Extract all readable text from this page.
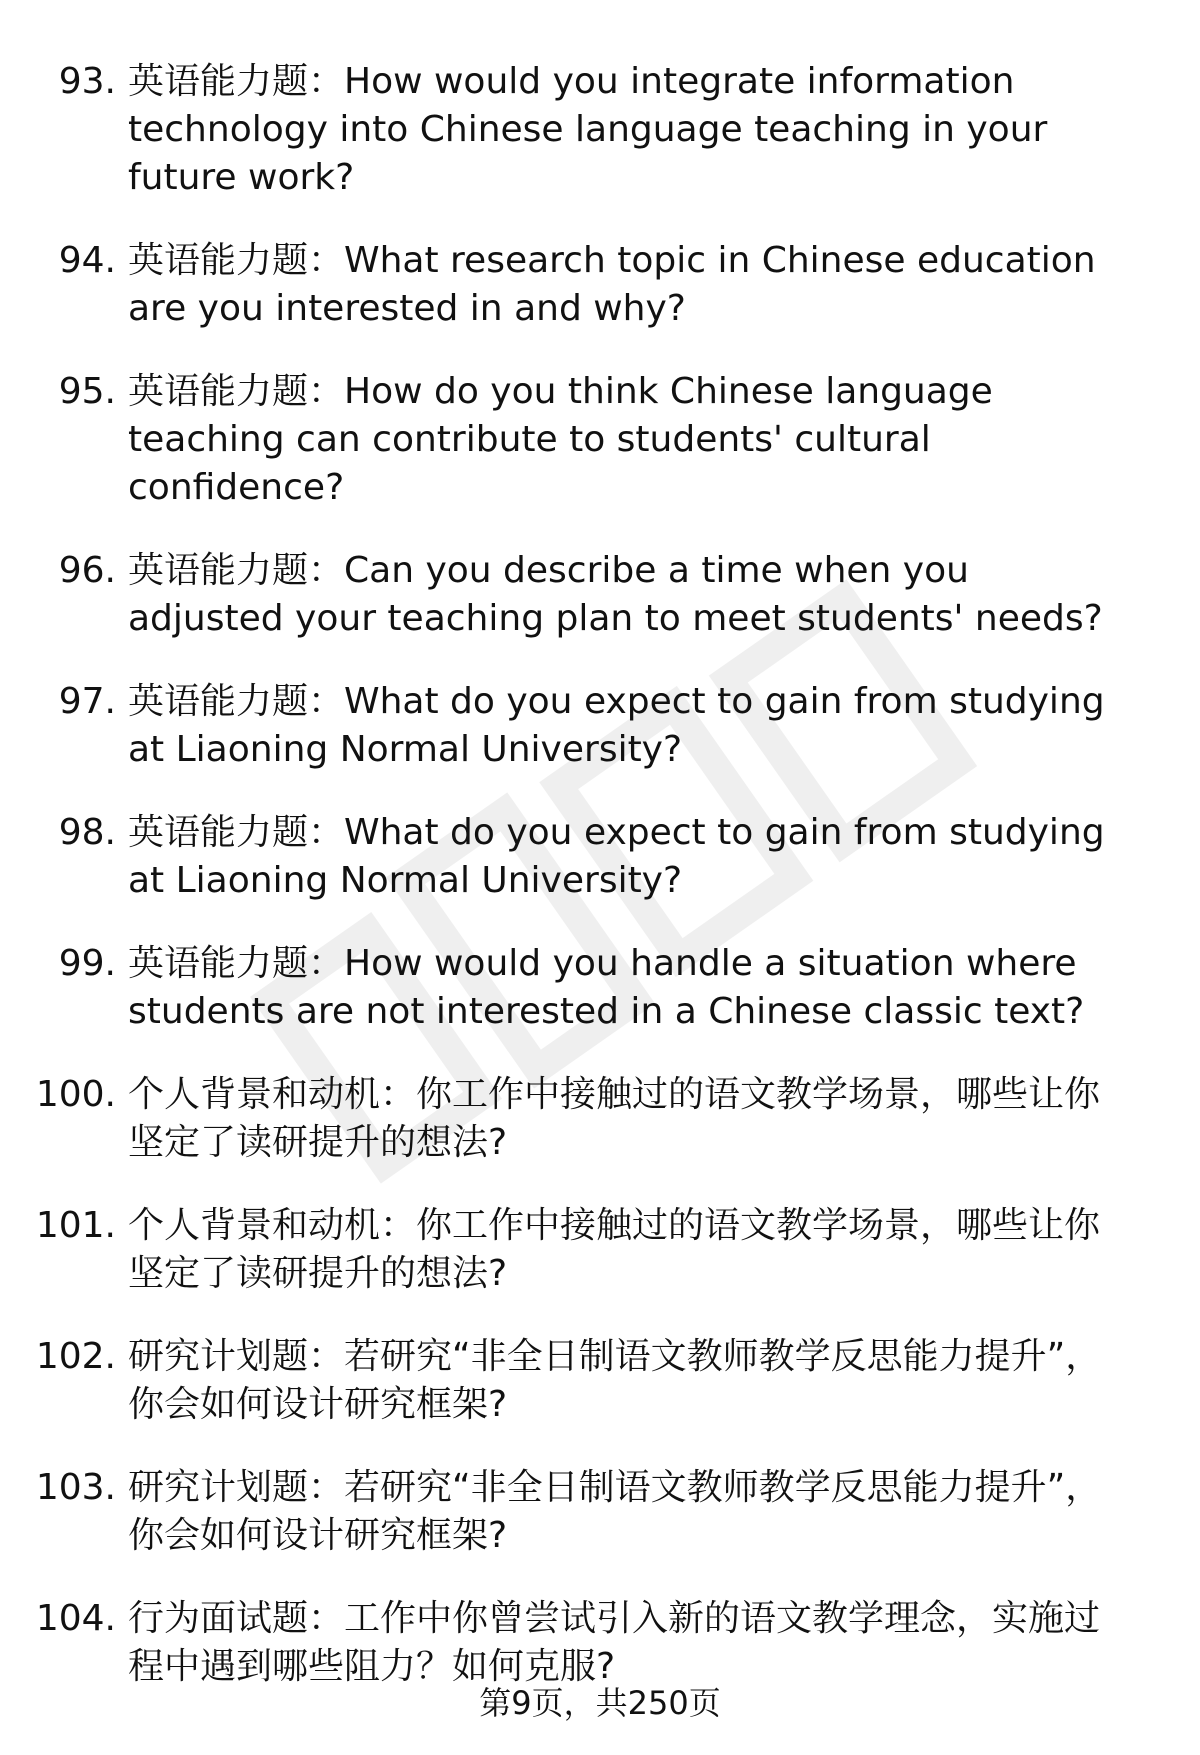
93. 英语能力题：How would you integrate information technology into Chinese language teaching in your future work?
94. 英语能力题：What research topic in Chinese education are you interested in and why?
95. 英语能力题：How do you think Chinese language teaching can contribute to students' cultural confidence?
96. 英语能力题：Can you describe a time when you adjusted your teaching plan to meet students' needs?
97. 英语能力题：What do you expect to gain from studying at Liaoning Normal University?
98. 英语能力题：What do you expect to gain from studying at Liaoning Normal University?
99. 英语能力题：How would you handle a situation where students are not interested in a Chinese classic text?
100. 个人背景和动机：你工作中接触过的语文教学场景，哪些让你坚定了读研提升的想法?
101. 个人背景和动机：你工作中接触过的语文教学场景，哪些让你坚定了读研提升的想法?
102. 研究计划题：若研究“非全日制语文教师教学反思能力提升”，你会如何设计研究框架?
103. 研究计划题：若研究“非全日制语文教师教学反思能力提升”，你会如何设计研究框架?
104. 行为面试题：工作中你曾尝试引入新的语文教学理念，实施过程中遇到哪些阻力？如何克服?
第9页，共250页
